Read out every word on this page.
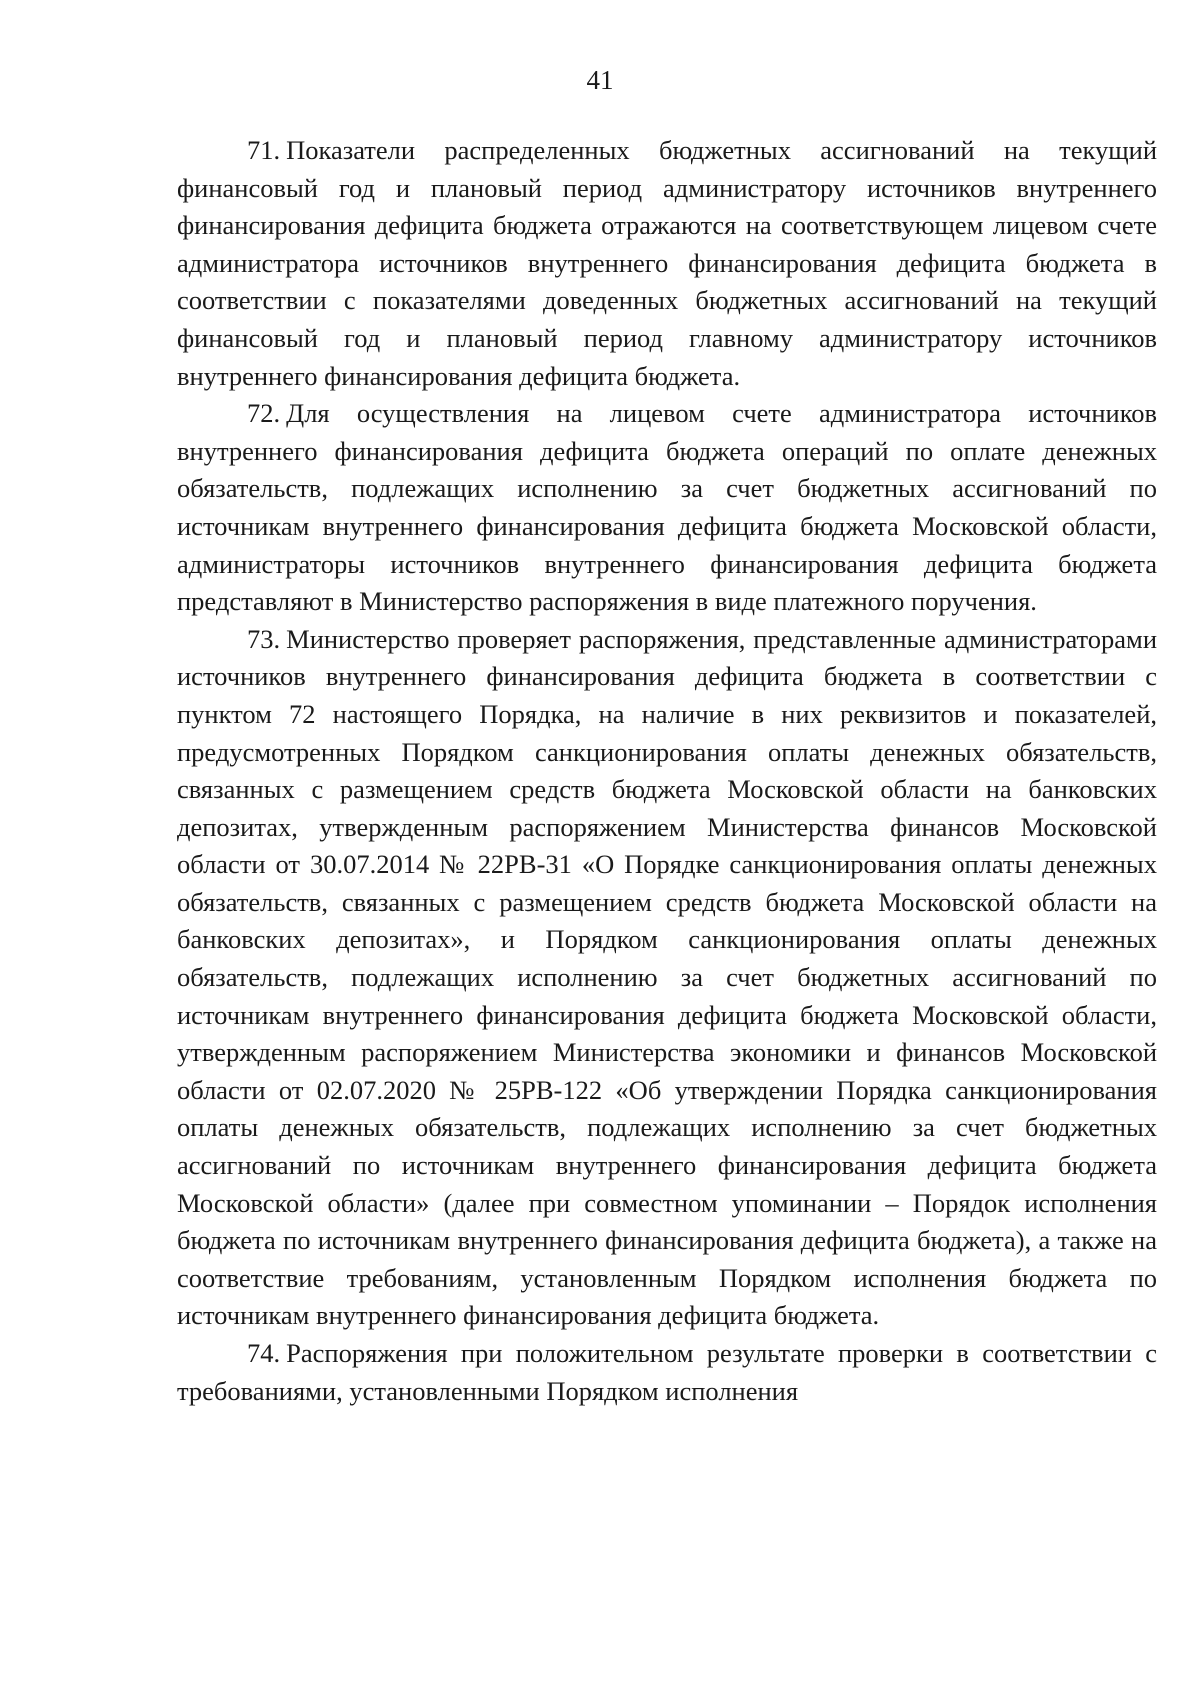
41

71. Показатели распределенных бюджетных ассигнований на текущий финансовый год и плановый период администратору источников внутреннего финансирования дефицита бюджета отражаются на соответствующем лицевом счете администратора источников внутреннего финансирования дефицита бюджета в соответствии с показателями доведенных бюджетных ассигнований на текущий финансовый год и плановый период главному администратору источников внутреннего финансирования дефицита бюджета.

72. Для осуществления на лицевом счете администратора источников внутреннего финансирования дефицита бюджета операций по оплате денежных обязательств, подлежащих исполнению за счет бюджетных ассигнований по источникам внутреннего финансирования дефицита бюджета Московской области, администраторы источников внутреннего финансирования дефицита бюджета представляют в Министерство распоряжения в виде платежного поручения.

73. Министерство проверяет распоряжения, представленные администраторами источников внутреннего финансирования дефицита бюджета в соответствии с пунктом 72 настоящего Порядка, на наличие в них реквизитов и показателей, предусмотренных Порядком санкционирования оплаты денежных обязательств, связанных с размещением средств бюджета Московской области на банковских депозитах, утвержденным распоряжением Министерства финансов Московской области от 30.07.2014 № 22РВ-31 «О Порядке санкционирования оплаты денежных обязательств, связанных с размещением средств бюджета Московской области на банковских депозитах», и Порядком санкционирования оплаты денежных обязательств, подлежащих исполнению за счет бюджетных ассигнований по источникам внутреннего финансирования дефицита бюджета Московской области, утвержденным распоряжением Министерства экономики и финансов Московской области от 02.07.2020 № 25РВ-122 «Об утверждении Порядка санкционирования оплаты денежных обязательств, подлежащих исполнению за счет бюджетных ассигнований по источникам внутреннего финансирования дефицита бюджета Московской области» (далее при совместном упоминании – Порядок исполнения бюджета по источникам внутреннего финансирования дефицита бюджета), а также на соответствие требованиям, установленным Порядком исполнения бюджета по источникам внутреннего финансирования дефицита бюджета.

74. Распоряжения при положительном результате проверки в соответствии с требованиями, установленными Порядком исполнения
